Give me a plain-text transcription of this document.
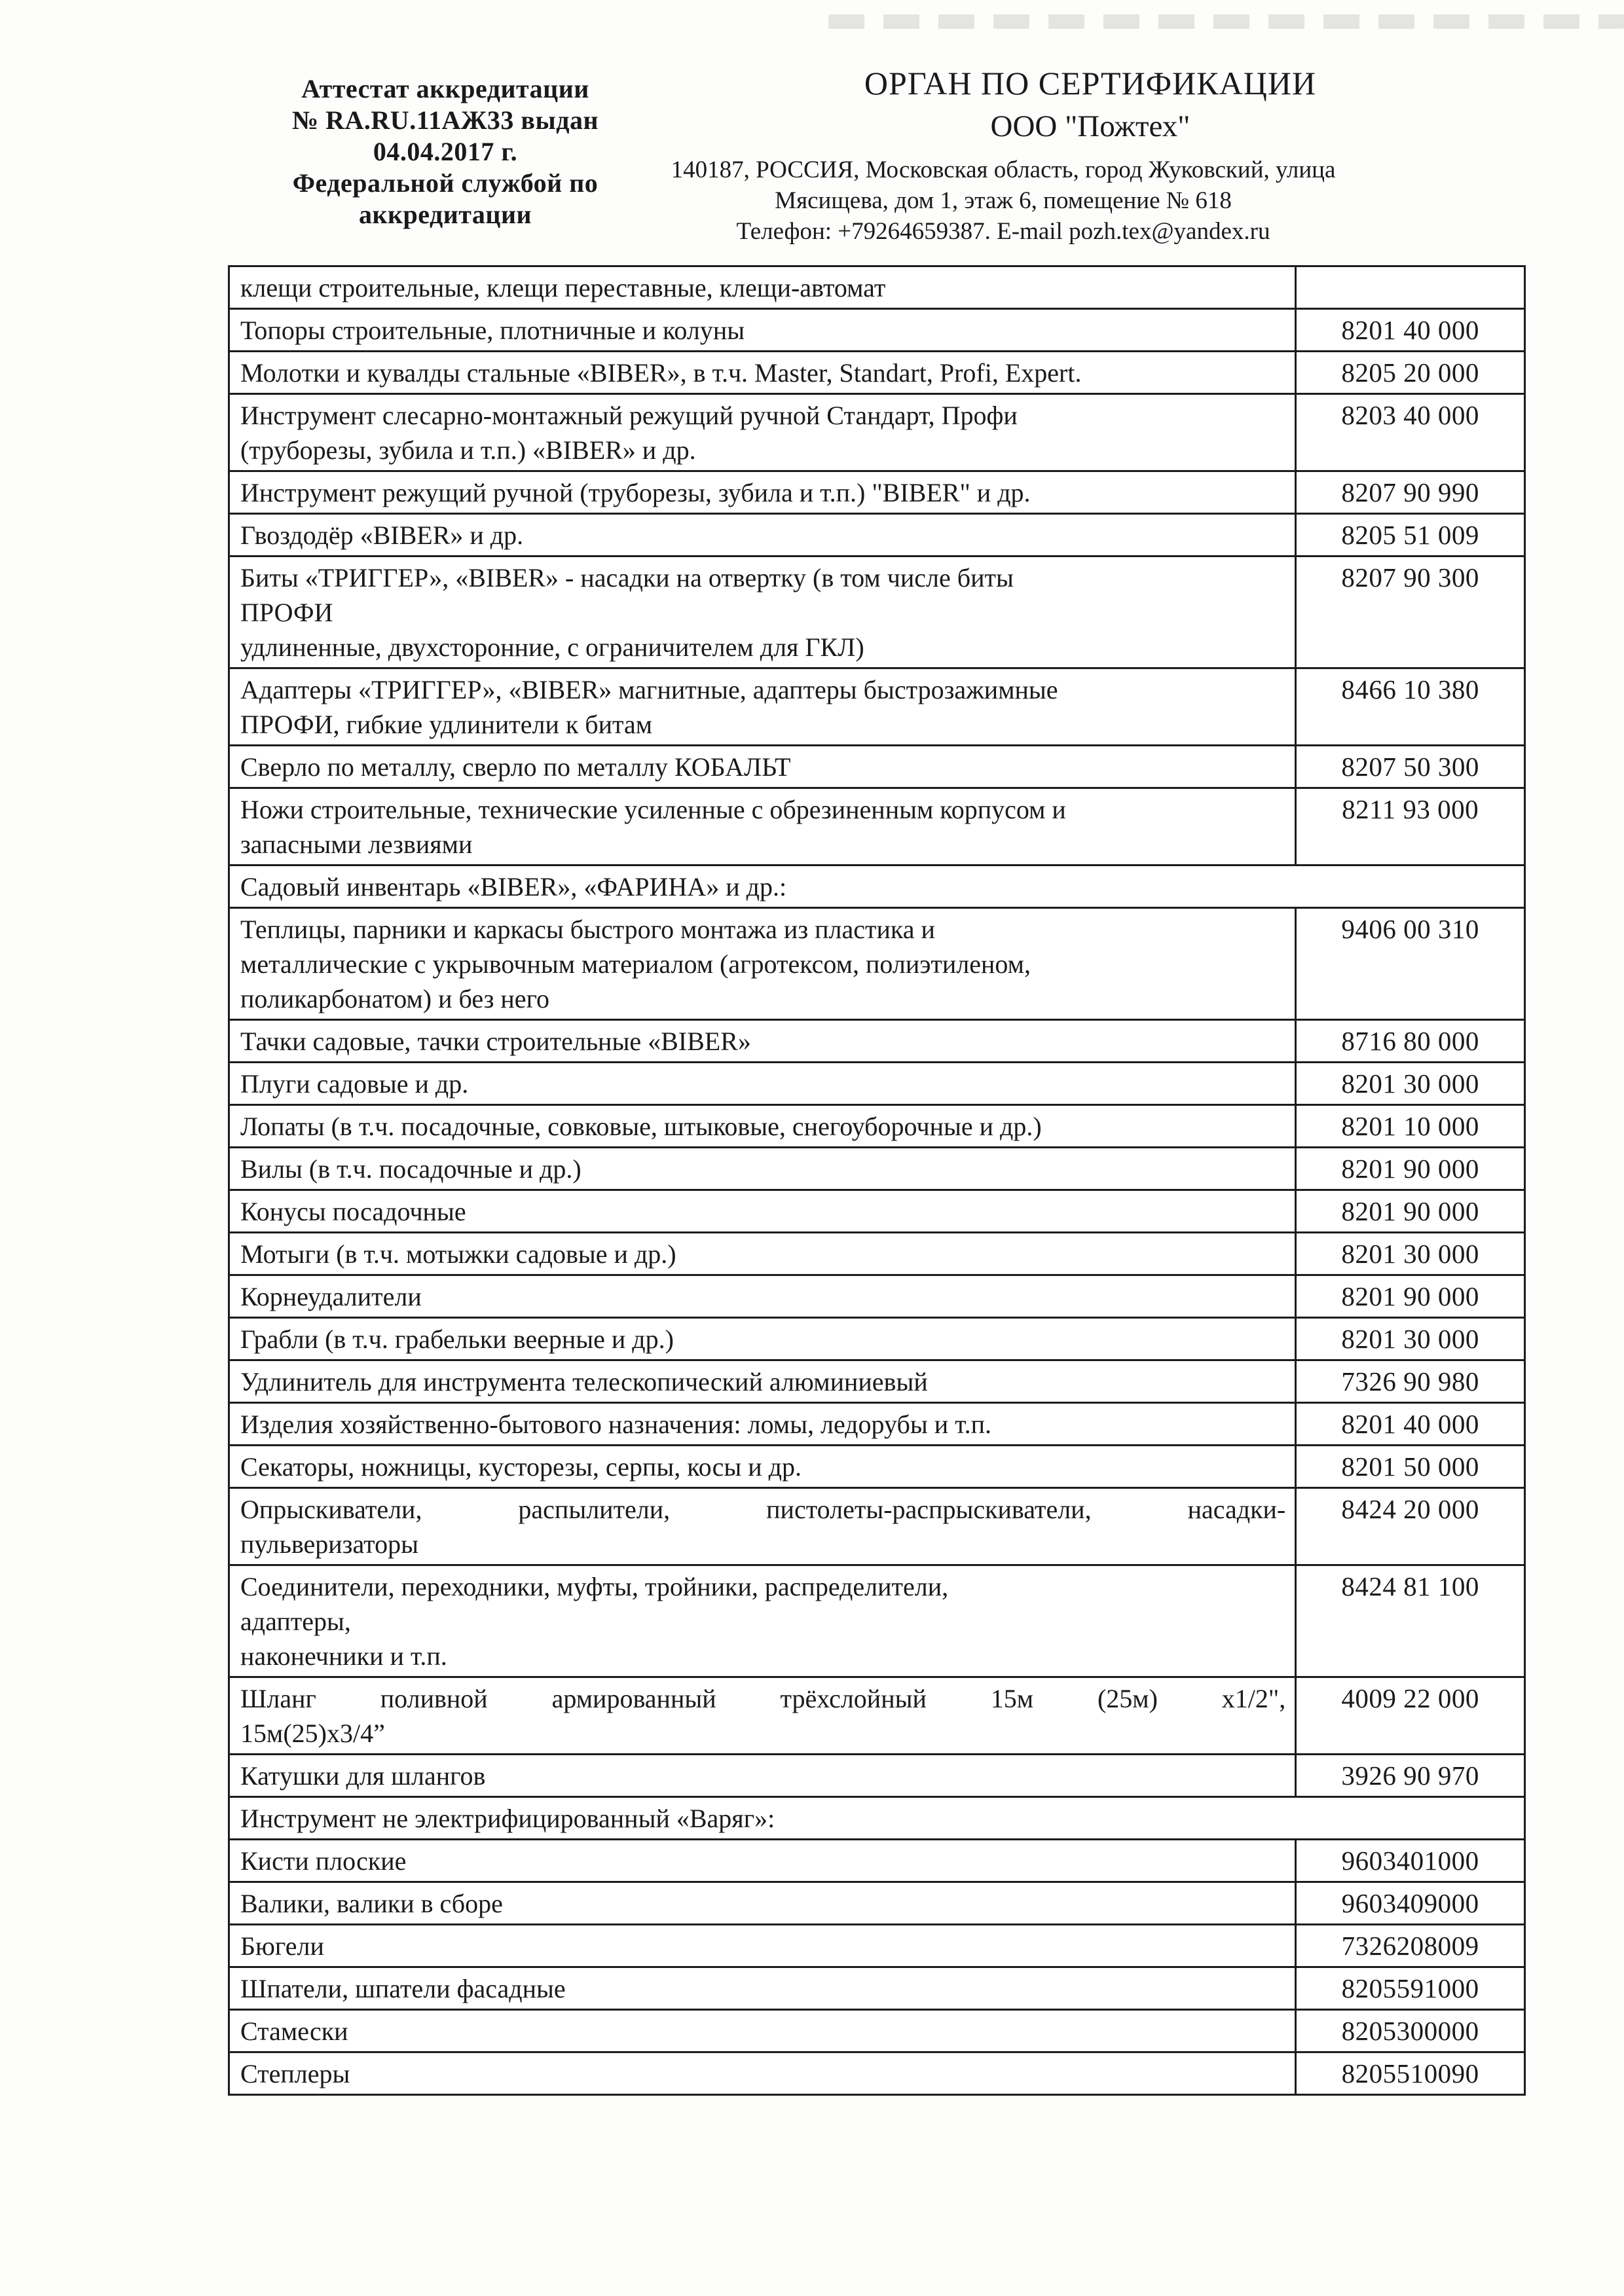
Аттестат аккредитации
№ RA.RU.11АЖ33 выдан
04.04.2017 г.
Федеральной службой по
аккредитации
ОРГАН ПО СЕРТИФИКАЦИИ
ООО "Пожтех"
140187, РОССИЯ, Московская область, город Жуковский, улица
Мясищева, дом 1, этаж 6, помещение № 618
Телефон: +79264659387. E-mail pozh.tex@yandex.ru
клещи строительные, клещи переставные, клещи-автомат
Топоры строительные, плотничные и колуны	8201 40 000
Молотки и кувалды стальные «BIBER», в т.ч. Master, Standart, Profi, Expert.	8205 20 000
Инструмент слесарно-монтажный режущий ручной Стандарт, Профи
(труборезы, зубила и т.п.) «BIBER» и др.
8203 40 000
Инструмент режущий ручной (труборезы, зубила и т.п.) "BIBER" и др.	8207 90 990
Гвоздодёр «BIBER» и др.	8205 51 009
Биты «ТРИГГЕР», «BIBER» - насадки на отвертку (в том числе биты
ПРОФИ
удлиненные, двухсторонние, с ограничителем для ГКЛ)
8207 90 300
Адаптеры «ТРИГГЕР», «BIBER» магнитные, адаптеры быстрозажимные
ПРОФИ, гибкие удлинители к битам
8466 10 380
Сверло по металлу, сверло по металлу КОБАЛЬТ	8207 50 300
Ножи строительные, технические усиленные с обрезиненным корпусом и
запасными лезвиями
8211 93 000
Садовый инвентарь «BIBER», «ФАРИНА» и др.:
Теплицы, парники и каркасы быстрого монтажа из пластика и
металлические с укрывочным материалом (агротексом, полиэтиленом,
поликарбонатом) и без него
9406 00 310
Тачки садовые, тачки строительные «BIBER»	8716 80 000
Плуги садовые и др.	8201 30 000
Лопаты (в т.ч. посадочные, совковые, штыковые, снегоуборочные и др.)	8201 10 000
Вилы (в т.ч. посадочные и др.)	8201 90 000
Конусы посадочные	8201 90 000
Мотыги (в т.ч. мотыжки садовые и др.)	8201 30 000
Корнеудалители	8201 90 000
Грабли (в т.ч. грабельки веерные и др.)	8201 30 000
Удлинитель для инструмента телескопический алюминиевый	7326 90 980
Изделия хозяйственно-бытового назначения: ломы, ледорубы и т.п.	8201 40 000
Секаторы, ножницы, кусторезы, серпы, косы и др.	8201 50 000
Опрыскиватели, распылители, пистолеты-распрыскиватели, насадки-
пульверизаторы
8424 20 000
Соединители, переходники, муфты, тройники, распределители,
адаптеры,
наконечники и т.п.
8424 81 100
Шланг поливной армированный трёхслойный 15м (25м) х1/2",
15м(25)х3/4”
4009 22 000
Катушки для шлангов	3926 90 970
Инструмент не электрифицированный «Варяг»:
Кисти плоские	9603401000
Валики, валики в сборе	9603409000
Бюгели	7326208009
Шпатели, шпатели фасадные	8205591000
Стамески	8205300000
Степлеры	8205510090
